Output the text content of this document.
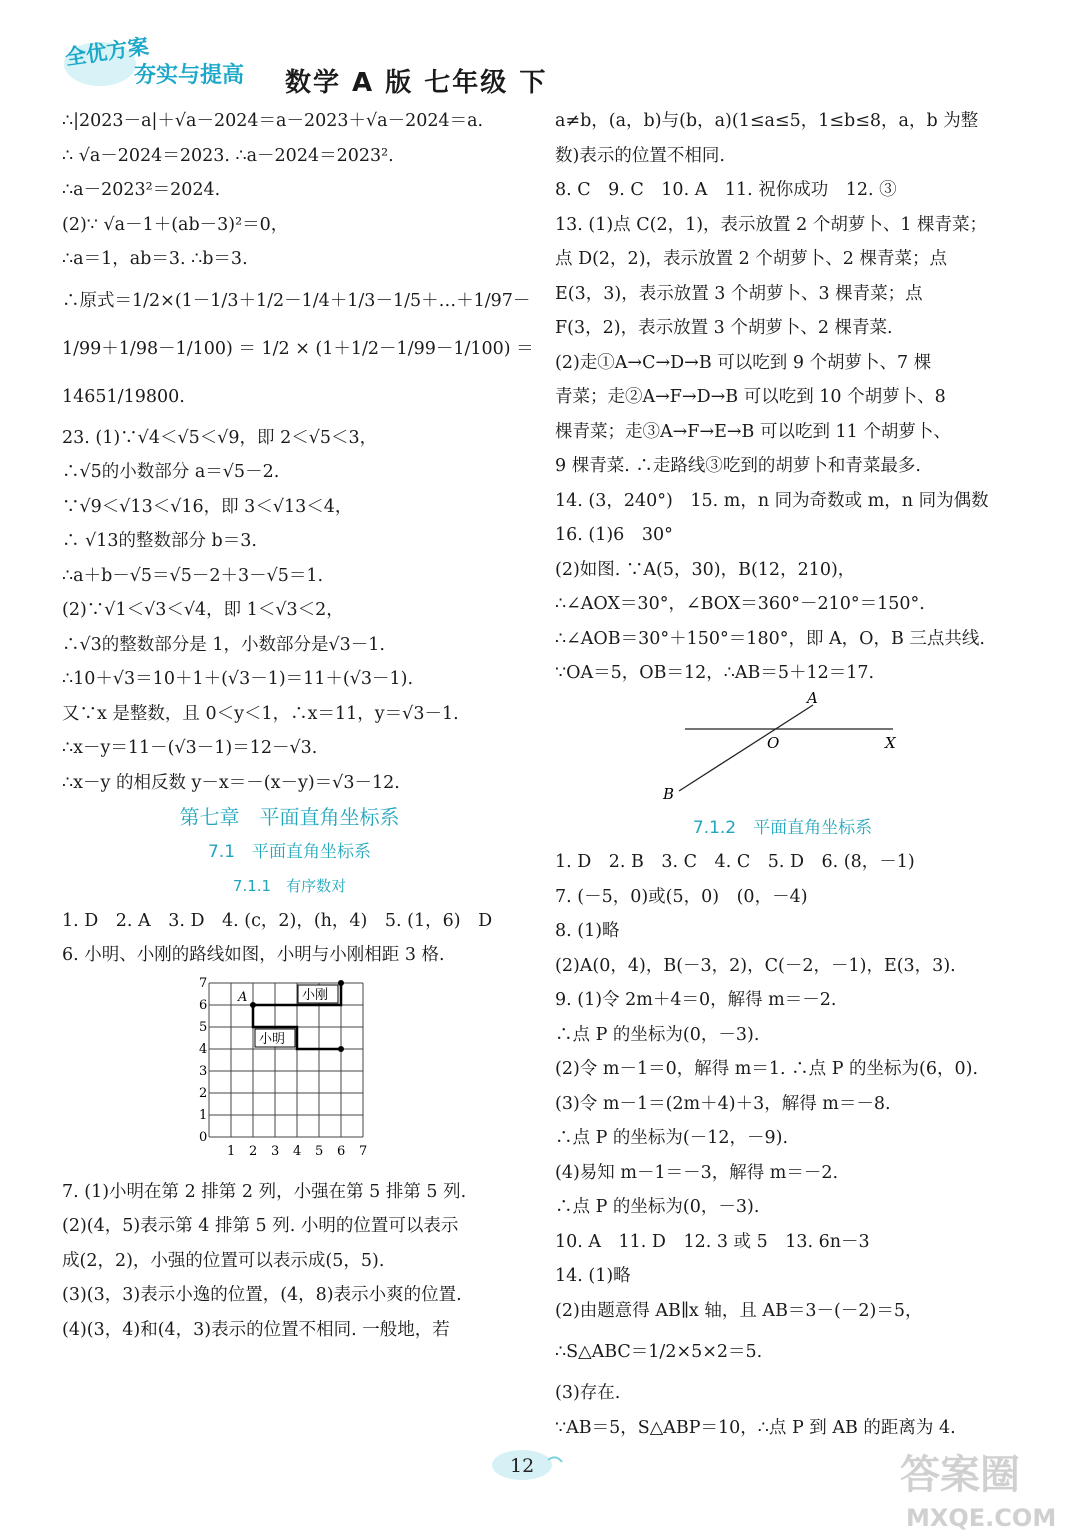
全优方案
夯实与提高 数学 A 版 七年级 下
∴|2023－a|＋√a－2024＝a－2023＋√a－2024＝a.
∴ √a－2024＝2023. ∴a－2024＝2023².
∴a－2023²＝2024.
(2)∵ √a－1＋(ab－3)²＝0，
∴a＝1，ab＝3. ∴b＝3.
∴原式＝1/2×(1－1/3＋1/2－1/4＋1/3－1/5＋…＋1/97－
1/99＋1/98－1/100) ＝ 1/2 × (1＋1/2－1/99－1/100) ＝
14651/19800.
23. (1)∵√4＜√5＜√9，即 2＜√5＜3，
∴√5的小数部分 a＝√5－2.
∵√9＜√13＜√16，即 3＜√13＜4，
∴ √13的整数部分 b＝3.
∴a＋b－√5＝√5－2＋3－√5＝1.
(2)∵√1＜√3＜√4，即 1＜√3＜2，
∴√3的整数部分是 1，小数部分是√3－1.
∴10＋√3＝10＋1＋(√3－1)＝11＋(√3－1).
又∵x 是整数，且 0＜y＜1，∴x＝11，y＝√3－1.
∴x－y＝11－(√3－1)＝12－√3.
∴x－y 的相反数 y－x＝－(x－y)＝√3－12.
第七章　平面直角坐标系
7.1　平面直角坐标系
7.1.1　有序数对
1. D　2. A　3. D　4. (c，2)，(h，4)　5. (1，6)　D
6. 小明、小刚的路线如图，小明与小刚相距 3 格.
A	小刚
小明
0
1
2
3
4
5
6
7
1 2 3 4 5 6 7
7. (1)小明在第 2 排第 2 列，小强在第 5 排第 5 列.
(2)(4，5)表示第 4 排第 5 列. 小明的位置可以表示
成(2，2)，小强的位置可以表示成(5，5).
(3)(3，3)表示小逸的位置，(4，8)表示小爽的位置.
(4)(3，4)和(4，3)表示的位置不相同. 一般地，若
a≠b，(a，b)与(b，a)(1≤a≤5，1≤b≤8，a，b 为整
数)表示的位置不相同.
8. C　9. C　10. A　11. 祝你成功　12. ③
13. (1)点 C(2，1)，表示放置 2 个胡萝卜、1 棵青菜；
点 D(2，2)，表示放置 2 个胡萝卜、2 棵青菜；点
E(3，3)，表示放置 3 个胡萝卜、3 棵青菜；点
F(3，2)，表示放置 3 个胡萝卜、2 棵青菜.
(2)走①A→C→D→B 可以吃到 9 个胡萝卜、7 棵
青菜；走②A→F→D→B 可以吃到 10 个胡萝卜、8
棵青菜；走③A→F→E→B 可以吃到 11 个胡萝卜、
9 棵青菜. ∴走路线③吃到的胡萝卜和青菜最多.
14. (3，240°)　15. m，n 同为奇数或 m，n 同为偶数
16. (1)6　30°
(2)如图. ∵A(5，30)，B(12，210)，
∴∠AOX＝30°，∠BOX＝360°－210°＝150°.
∴∠AOB＝30°＋150°＝180°，即 A，O，B 三点共线.
∵OA＝5，OB＝12，∴AB＝5＋12＝17.
A
O	X
B
7.1.2　平面直角坐标系
1. D　2. B　3. C　4. C　5. D　6. (8，－1)
7. (－5，0)或(5，0)　(0，－4)
8. (1)略
(2)A(0，4)，B(－3，2)，C(－2，－1)，E(3，3).
9. (1)令 2m＋4＝0，解得 m＝－2.
∴点 P 的坐标为(0，－3).
(2)令 m－1＝0，解得 m＝1. ∴点 P 的坐标为(6，0).
(3)令 m－1＝(2m＋4)＋3，解得 m＝－8.
∴点 P 的坐标为(－12，－9).
(4)易知 m－1＝－3，解得 m＝－2.
∴点 P 的坐标为(0，－3).
10. A　11. D　12. 3 或 5　13. 6n－3
14. (1)略
(2)由题意得 AB∥x 轴，且 AB＝3－(－2)＝5，
∴S△ABC＝1/2×5×2＝5.
(3)存在.
∵AB＝5，S△ABP＝10，∴点 P 到 AB 的距离为 4.
12	答案圈
MXQE.COM
